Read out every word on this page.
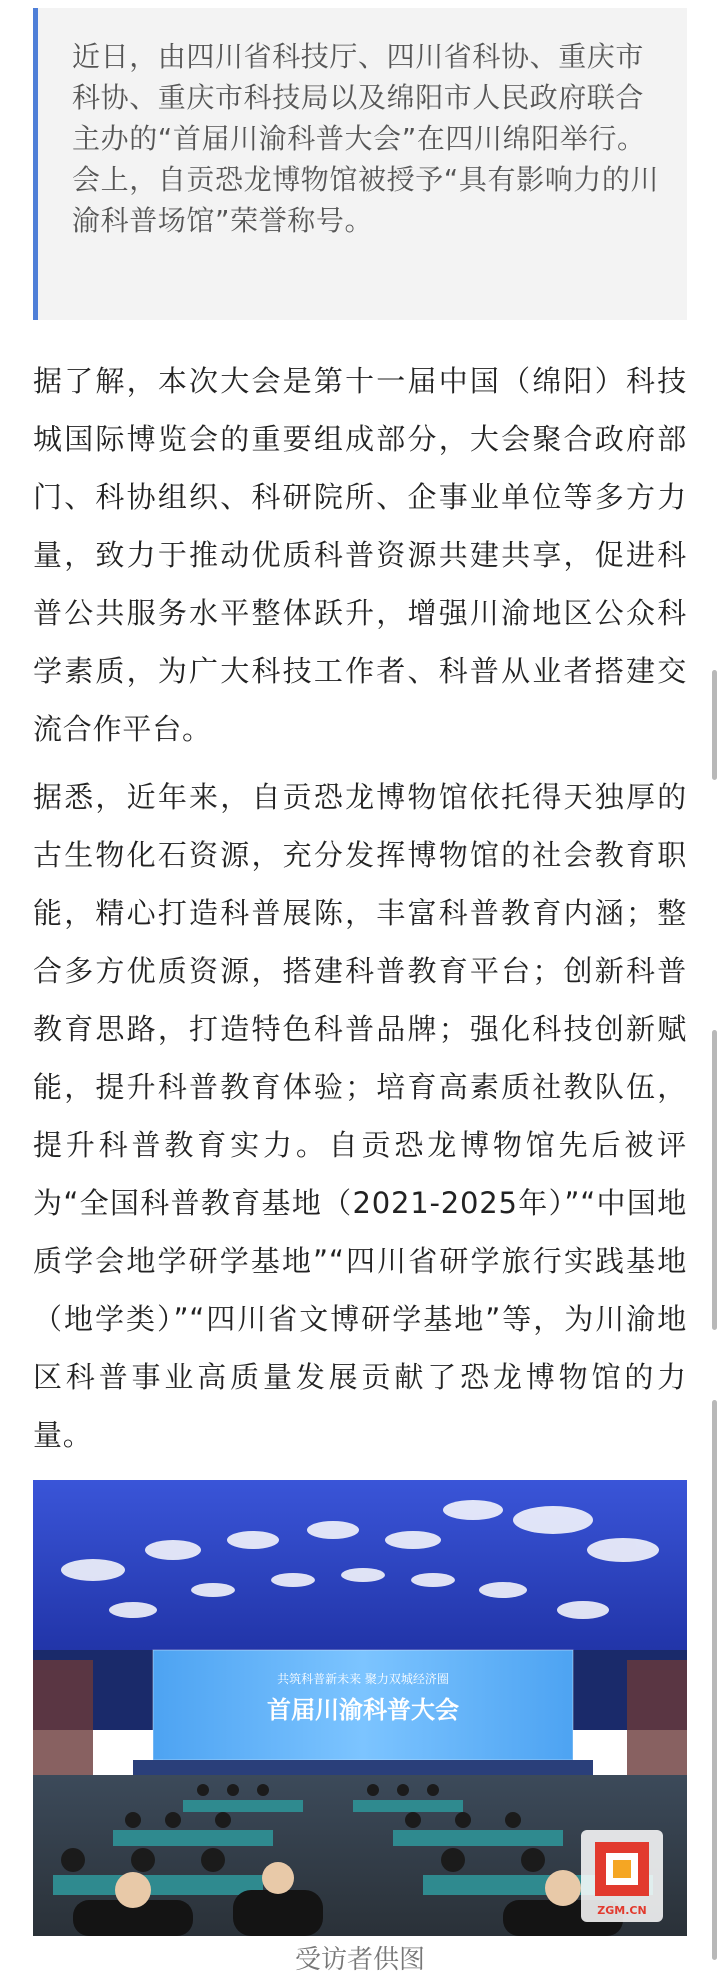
近日，由四川省科技厅、四川省科协、重庆市科协、重庆市科技局以及绵阳市人民政府联合主办的“首届川渝科普大会”在四川绵阳举行。会上，自贡恐龙博物馆被授予“具有影响力的川渝科普场馆”荣誉称号。
据了解，本次大会是第十一届中国（绵阳）科技城国际博览会的重要组成部分，大会聚合政府部门、科协组织、科研院所、企事业单位等多方力量，致力于推动优质科普资源共建共享，促进科普公共服务水平整体跃升，增强川渝地区公众科学素质，为广大科技工作者、科普从业者搭建交流合作平台。
据悉，近年来，自贡恐龙博物馆依托得天独厚的古生物化石资源，充分发挥博物馆的社会教育职能，精心打造科普展陈，丰富科普教育内涵；整合多方优质资源，搭建科普教育平台；创新科普教育思路，打造特色科普品牌；强化科技创新赋能，提升科普教育体验；培育高素质社教队伍，提升科普教育实力。自贡恐龙博物馆先后被评为“全国科普教育基地（2021-2025年）”“中国地质学会地学研学基地”“四川省研学旅行实践基地（地学类）”“四川省文博研学基地”等，为川渝地区科普事业高质量发展贡献了恐龙博物馆的力量。
共筑科普新未来 聚力双城经济圈
首届川渝科普大会
ZGM.CN
受访者供图
